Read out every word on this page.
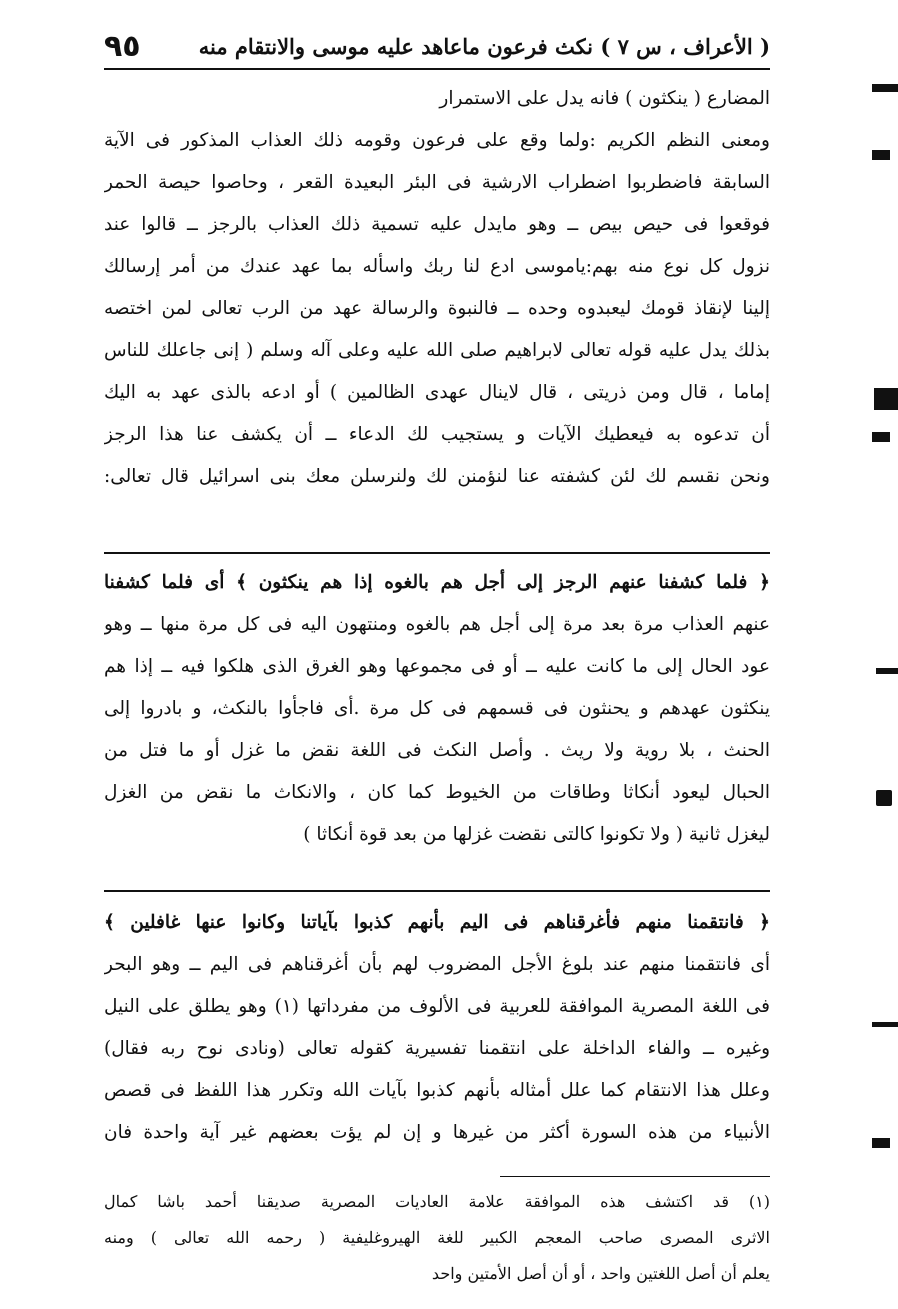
( الأعراف ، س ٧ ) نكث فرعون ماعاهد عليه موسى والانتقام منه
٩٥
المضارع ( ينكثون ) فانه يدل على الاستمرار
ومعنى النظم الكريم :ولما وقع على فرعون وقومه ذلك العذاب المذكور فى الآية
السابقة فاضطربوا اضطراب الارشية فى البئر البعيدة القعر ، وحاصوا حيصة الحمر
فوقعوا فى حيص بيص ــ وهو مايدل عليه تسمية ذلك العذاب بالرجز ــ قالوا عند
نزول كل نوع منه بهم:ياموسى ادع لنا ربك واسأله بما عهد عندك من أمر إرسالك
إلينا لإنقاذ قومك ليعبدوه وحده ــ فالنبوة والرسالة عهد من الرب تعالى لمن اختصه
بذلك يدل عليه قوله تعالى لابراهيم صلى الله عليه وعلى آله وسلم ( إنى جاعلك للناس
إماما ، قال ومن ذريتى ، قال لاينال عهدى الظالمين ) أو ادعه بالذى عهد به اليك
أن تدعوه به فيعطيك الآيات و يستجيب لك الدعاء ــ أن يكشف عنا هذا الرجز
ونحن نقسم لك لئن كشفته عنا لنؤمنن لك ولنرسلن معك بنى اسرائيل قال تعالى:
﴿ فلما كشفنا عنهم الرجز إلى أجل هم بالغوه إذا هم ينكثون ﴾ أى فلما كشفنا
عنهم العذاب مرة بعد مرة إلى أجل هم بالغوه ومنتهون اليه فى كل مرة منها ــ وهو
عود الحال إلى ما كانت عليه ــ أو فى مجموعها وهو الغرق الذى هلكوا فيه ــ إذا هم
ينكثون عهدهم و يحنثون فى قسمهم فى كل مرة .أى فاجأوا بالنكث، و بادروا إلى
الحنث ، بلا روية ولا ريث . وأصل النكث فى اللغة نقض ما غزل أو ما فتل من
الحبال ليعود أنكاثا وطاقات من الخيوط كما كان ، والانكاث ما نقض من الغزل
ليغزل ثانية ( ولا تكونوا كالتى نقضت غزلها من بعد قوة أنكاثا )
﴿ فانتقمنا منهم فأغرقناهم فى اليم بأنهم كذبوا بآياتنا وكانوا عنها غافلين ﴾
أى فانتقمنا منهم عند بلوغ الأجل المضروب لهم بأن أغرقناهم فى اليم ــ وهو البحر
فى اللغة المصرية الموافقة للعربية فى الألوف من مفرداتها (١) وهو يطلق على النيل
وغيره ــ والفاء الداخلة على انتقمنا تفسيرية كقوله تعالى (ونادى نوح ربه فقال)
وعلل هذا الانتقام كما علل أمثاله بأنهم كذبوا بآيات الله وتكرر هذا اللفظ فى قصص
الأنبياء من هذه السورة أكثر من غيرها و إن لم يؤت بعضهم غير آية واحدة فان
(١) قد اكتشف هذه الموافقة علامة العاديات المصرية صديقنا أحمد باشا كمال
الاثرى المصرى صاحب المعجم الكبير للغة الهيروغليفية ( رحمه الله تعالى ) ومنه
يعلم أن أصل اللغتين واحد ، أو أن أصل الأمتين واحد
